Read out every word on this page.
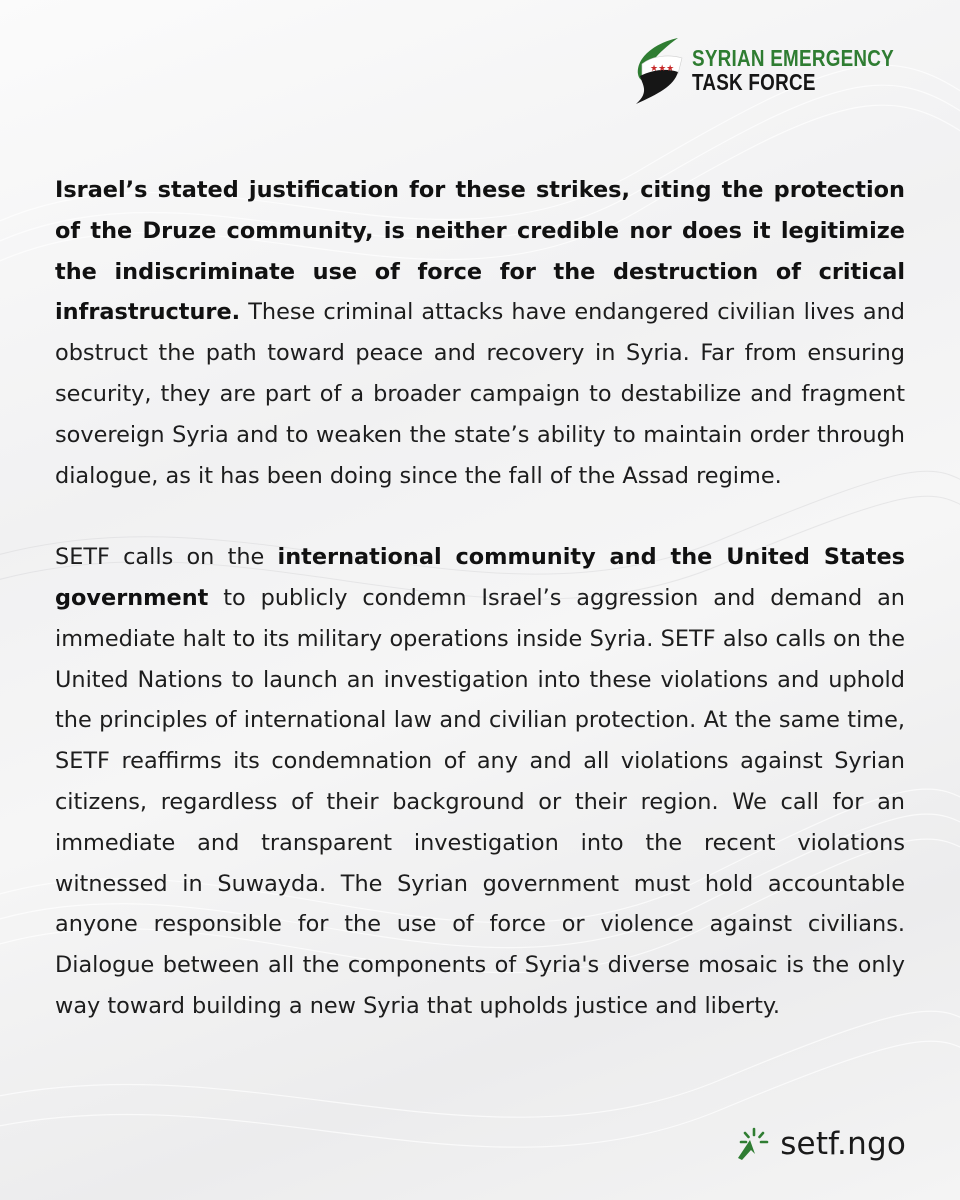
★★★ SYRIAN EMERGENCY
TASK FORCE

Israel’s stated justification for these strikes, citing the protection of the Druze community, is neither credible nor does it legitimize the indiscriminate use of force for the destruction of critical infrastructure. These criminal attacks have endangered civilian lives and obstruct the path toward peace and recovery in Syria. Far from ensuring security, they are part of a broader campaign to destabilize and fragment sovereign Syria and to weaken the state’s ability to maintain order through dialogue, as it has been doing since the fall of the Assad regime.

SETF calls on the international community and the United States government to publicly condemn Israel’s aggression and demand an immediate halt to its military operations inside Syria. SETF also calls on the United Nations to launch an investigation into these violations and uphold the principles of international law and civilian protection. At the same time, SETF reaffirms its condemnation of any and all violations against Syrian citizens, regardless of their background or their region. We call for an immediate and transparent investigation into the recent violations witnessed in Suwayda. The Syrian government must hold accountable anyone responsible for the use of force or violence against civilians. Dialogue between all the components of Syria's diverse mosaic is the only way toward building a new Syria that upholds justice and liberty.

setf.ngo
